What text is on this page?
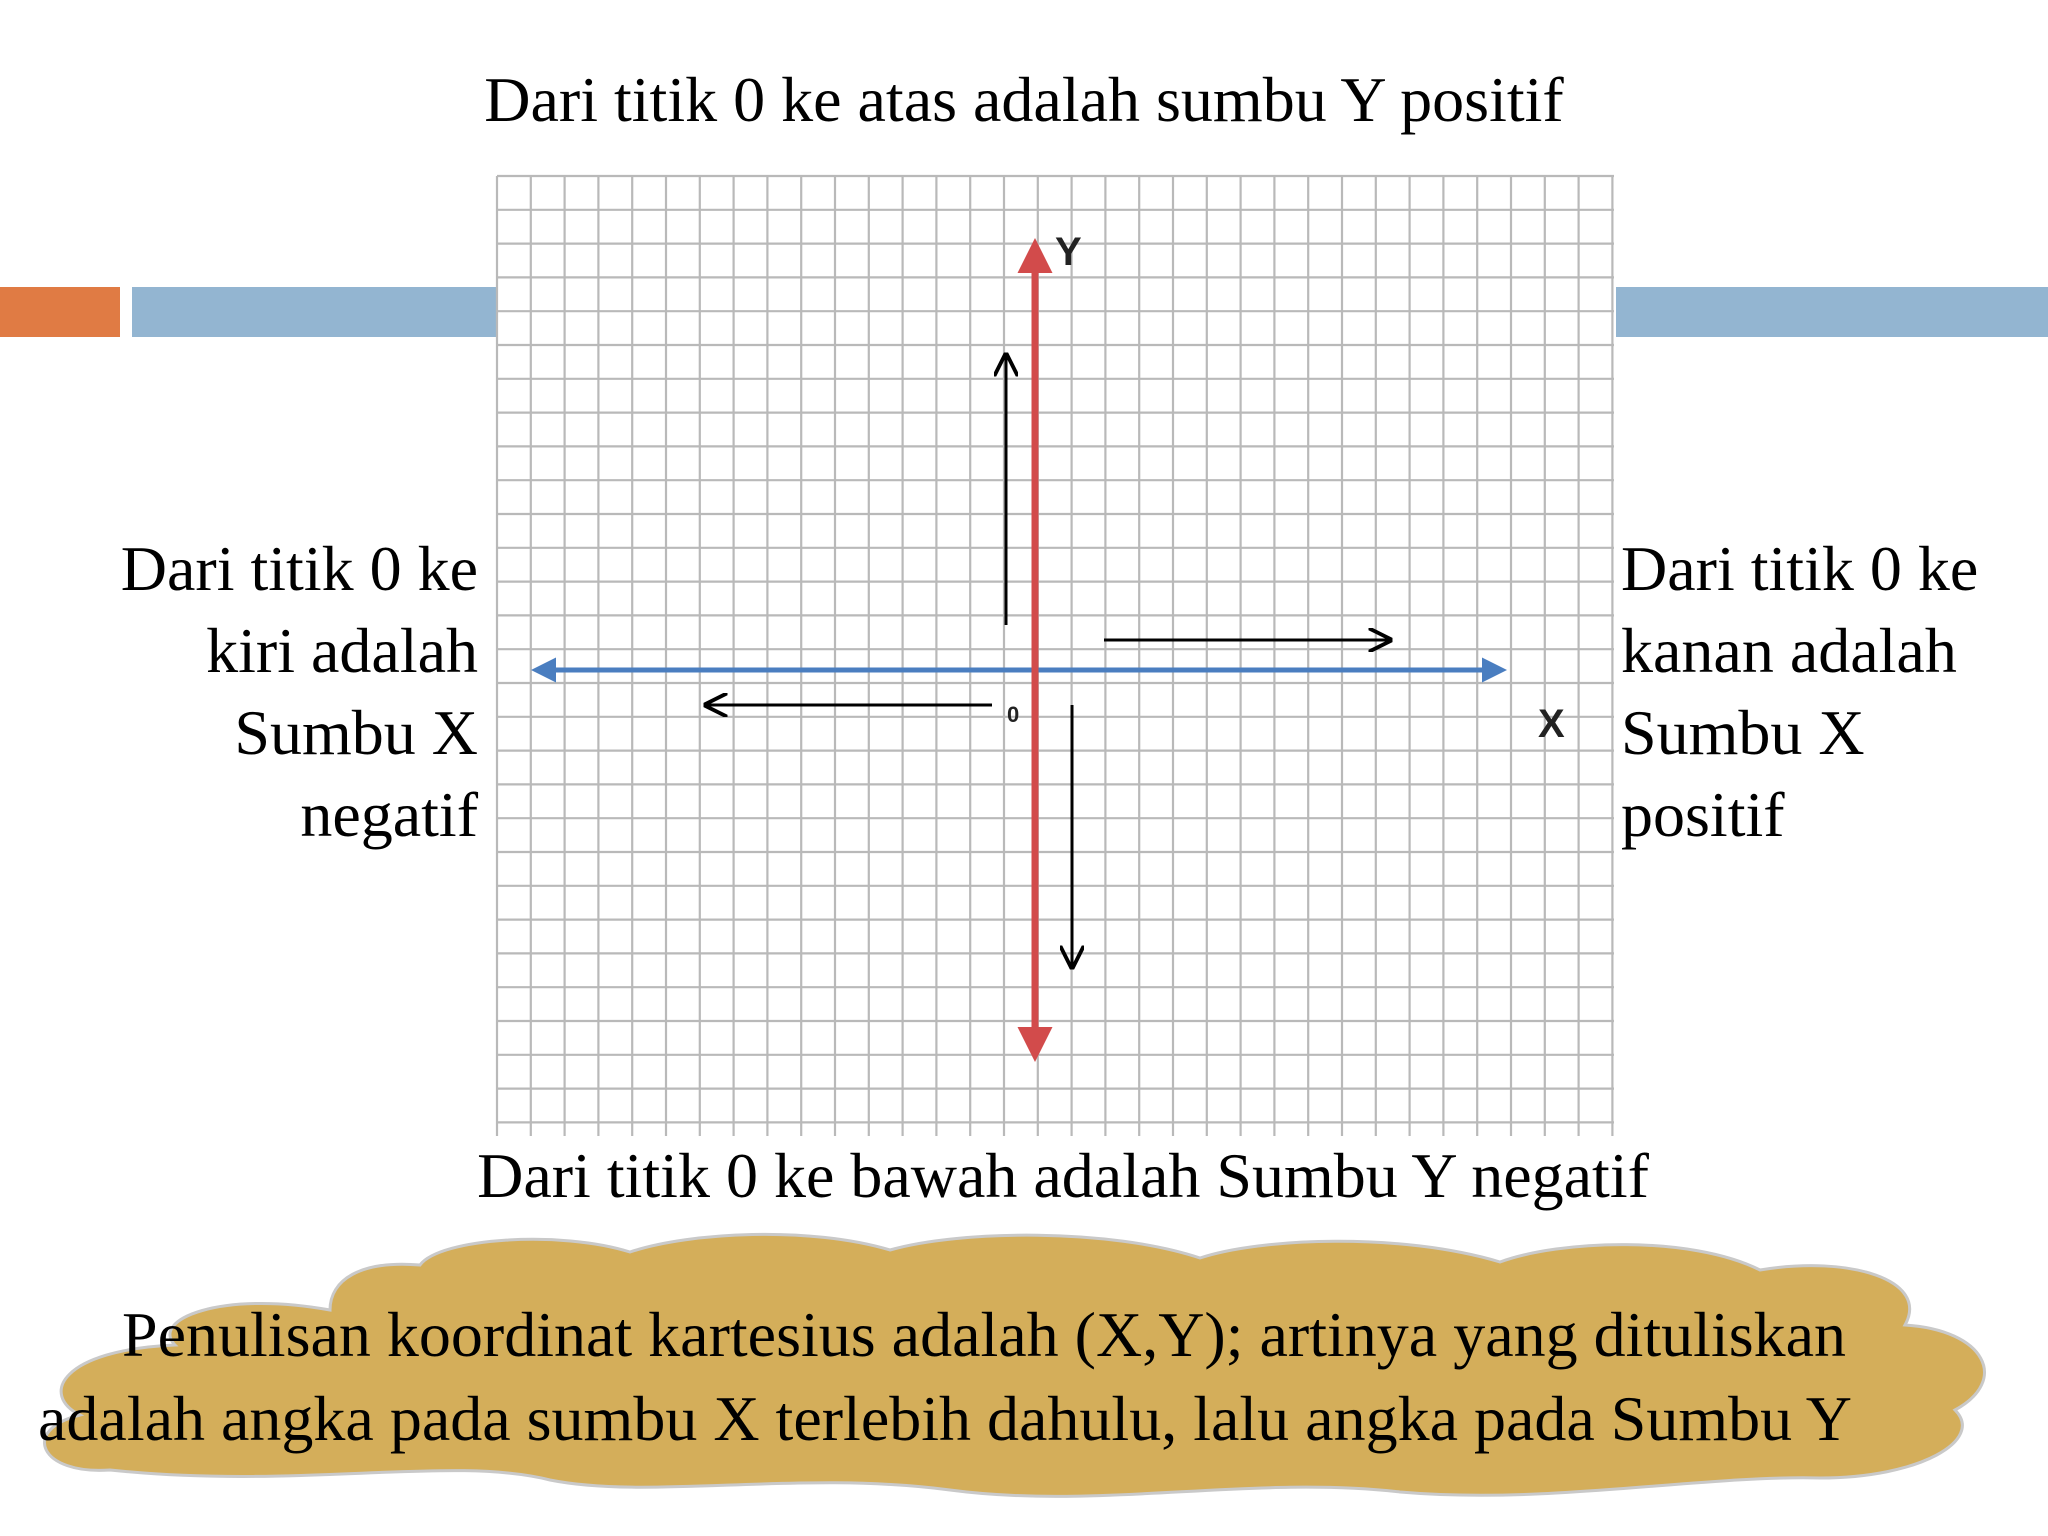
Y
X
0
Dari titik 0 ke atas adalah sumbu Y positif
Dari titik 0 ke bawah adalah Sumbu Y negatif
Dari titik 0 ke
kiri adalah
Sumbu X
negatif
Dari titik 0 ke
kanan adalah
Sumbu X
positif
Penulisan koordinat kartesius adalah (X,Y); artinya yang dituliskan
adalah angka pada sumbu X terlebih dahulu, lalu angka pada Sumbu Y
